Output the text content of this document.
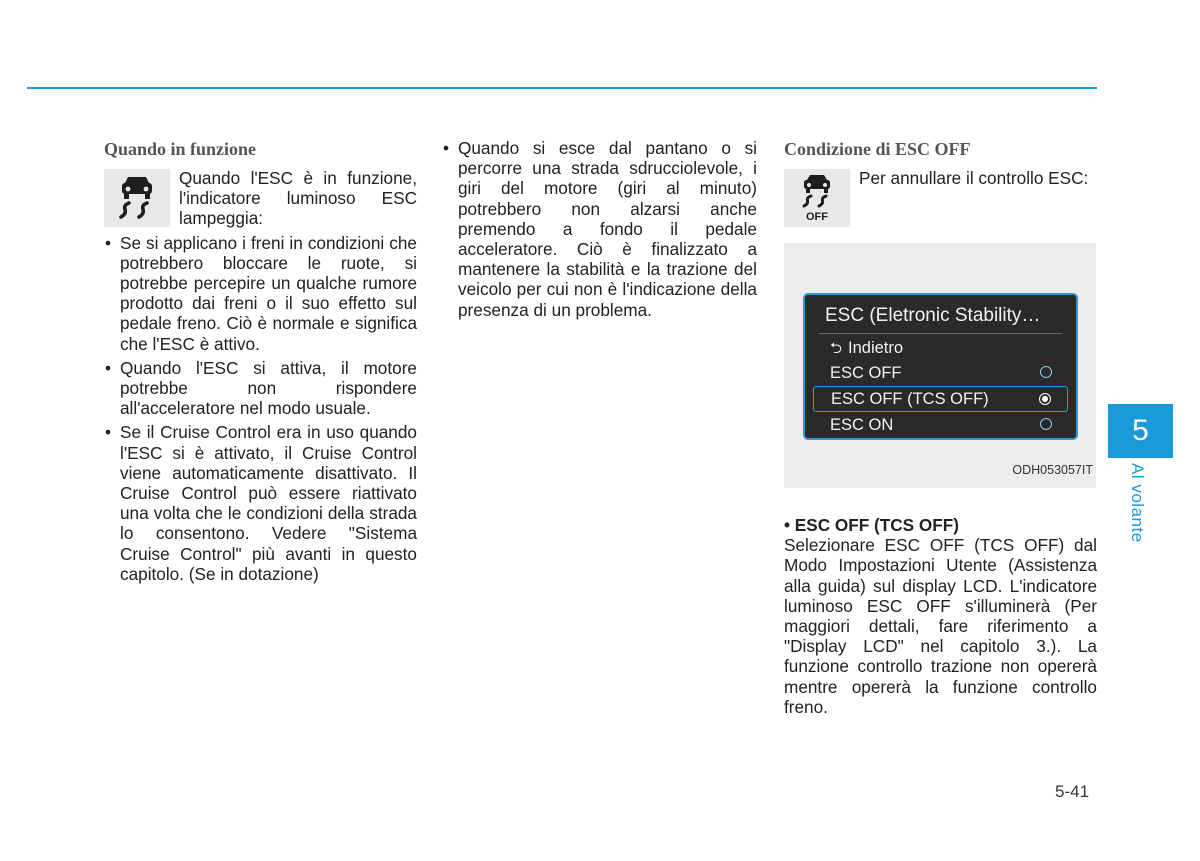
Quando in funzione
Quando l'ESC è in funzione, l'indicatore luminoso ESC lampeggia:
• Se si applicano i freni in condizioni che potrebbero bloccare le ruote, si potrebbe percepire un qualche rumore prodotto dai freni o il suo effetto sul pedale freno. Ciò è normale e significa che l'ESC è attivo.
• Quando l'ESC si attiva, il motore potrebbe non rispondere all'acceleratore nel modo usuale.
• Se il Cruise Control era in uso quando l'ESC si è attivato, il Cruise Control viene automaticamente disattivato. Il Cruise Control può essere riattivato una volta che le condizioni della strada lo consentono. Vedere "Sistema Cruise Control" più avanti in questo capitolo. (Se in dotazione)
• Quando si esce dal pantano o si percorre una strada sdrucciolevole, i giri del motore (giri al minuto) potrebbero non alzarsi anche premendo a fondo il pedale acceleratore. Ciò è finalizzato a mantenere la stabilità e la trazione del veicolo per cui non è l'indicazione della presenza di un problema.
Condizione di ESC OFF
OFF
Per annullare il controllo ESC:
ESC (Eletronic Stability…
⮌ Indietro
ESC OFF
ESC OFF (TCS OFF)
ESC ON
ODH053057IT
• ESC OFF (TCS OFF)
Selezionare ESC OFF (TCS OFF) dal Modo Impostazioni Utente (Assistenza alla guida) sul display LCD. L'indicatore luminoso ESC OFF s'illuminerà (Per maggiori dettali, fare riferimento a "Display LCD" nel capitolo 3.). La funzione controllo trazione non opererà mentre opererà la funzione controllo freno.
5
Al volante
5-41
